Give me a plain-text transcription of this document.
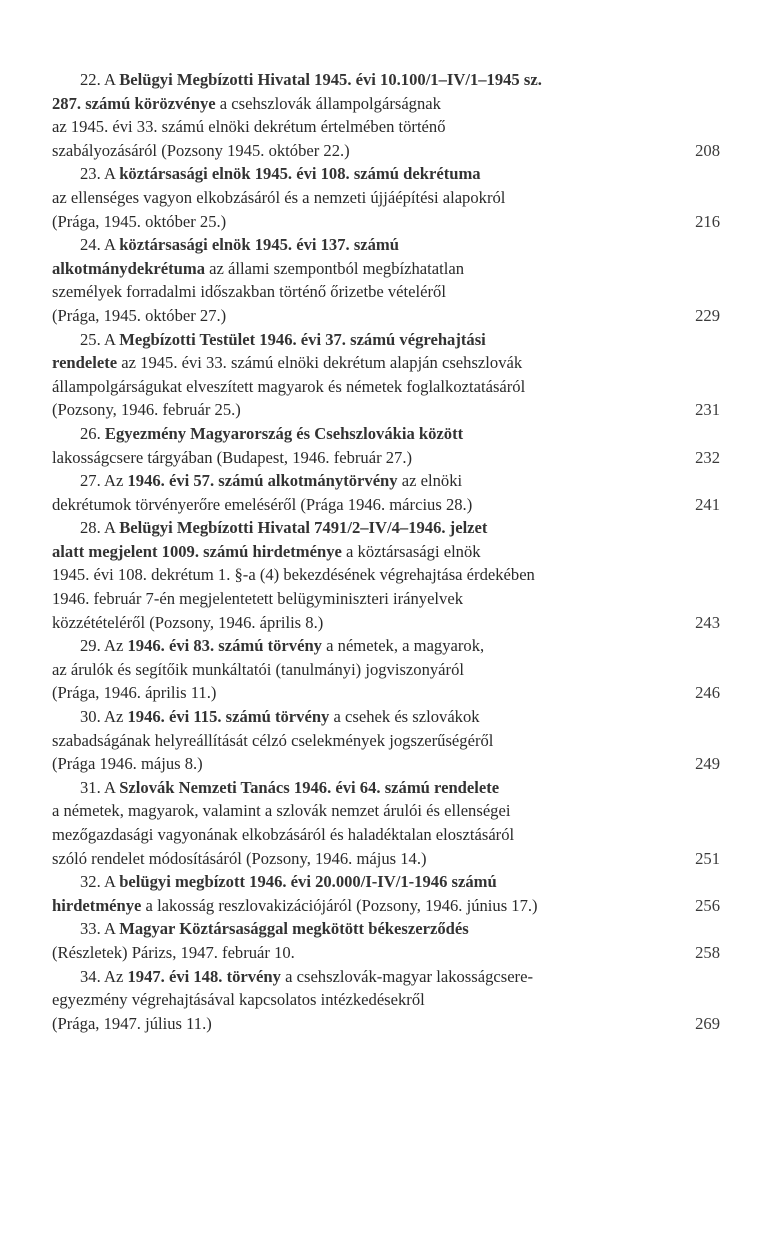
22. A Belügyi Megbízotti Hivatal 1945. évi 10.100/1–IV/1–1945 sz.
287. számú körözvénye a csehszlovák állampolgárságnak
az 1945. évi 33. számú elnöki dekrétum értelmében történő
szabályozásáról (Pozsony 1945. október 22.)	208
23. A köztársasági elnök 1945. évi 108. számú dekrétuma
az ellenséges vagyon elkobzásáról és a nemzeti újjáépítési alapokról
(Prága, 1945. október 25.)	216
24. A köztársasági elnök 1945. évi 137. számú
alkotmánydekrétuma az állami szempontból megbízhatatlan
személyek forradalmi időszakban történő őrizetbe vételéről
(Prága, 1945. október 27.)	229
25. A Megbízotti Testület 1946. évi 37. számú végrehajtási
rendelete az 1945. évi 33. számú elnöki dekrétum alapján csehszlovák
állampolgárságukat elveszített magyarok és németek foglalkoztatásáról
(Pozsony, 1946. február 25.)	231
26. Egyezmény Magyarország és Csehszlovákia között
lakosságcsere tárgyában (Budapest, 1946. február 27.)	232
27. Az 1946. évi 57. számú alkotmánytörvény az elnöki
dekrétumok törvényerőre emeléséről (Prága 1946. március 28.)	241
28. A Belügyi Megbízotti Hivatal 7491/2–IV/4–1946. jelzet
alatt megjelent 1009. számú hirdetménye a köztársasági elnök
1945. évi 108. dekrétum 1. §-a (4) bekezdésének végrehajtása érdekében
1946. február 7-én megjelentetett belügyminiszteri irányelvek
közzétételéről (Pozsony, 1946. április 8.)	243
29. Az 1946. évi 83. számú törvény a németek, a magyarok,
az árulók és segítőik munkáltatói (tanulmányi) jogviszonyáról
(Prága, 1946. április 11.)	246
30. Az 1946. évi 115. számú törvény a csehek és szlovákok
szabadságának helyreállítását célzó cselekmények jogszerűségéről
(Prága 1946. május 8.)	249
31. A Szlovák Nemzeti Tanács 1946. évi 64. számú rendelete
a németek, magyarok, valamint a szlovák nemzet árulói és ellenségei
mezőgazdasági vagyonának elkobzásáról és haladéktalan elosztásáról
szóló rendelet módosításáról (Pozsony, 1946. május 14.)	251
32. A belügyi megbízott 1946. évi 20.000/I-IV/1-1946 számú
hirdetménye a lakosság reszlovakizációjáról (Pozsony, 1946. június 17.)	256
33. A Magyar Köztársasággal megkötött békeszerződés
(Részletek) Párizs, 1947. február 10.	258
34. Az 1947. évi 148. törvény a csehszlovák-magyar lakosságcsere-
egyezmény végrehajtásával kapcsolatos intézkedésekről
(Prága, 1947. július 11.)	269
